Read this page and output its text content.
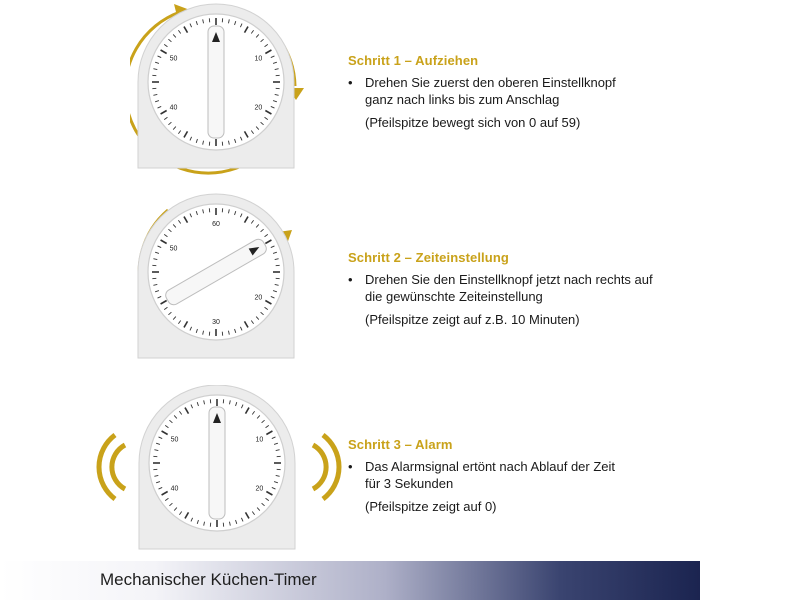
10
20
40
50
60
20
30
50
10
20
40
50
Schritt 1 – Aufziehen
• Drehen Sie zuerst den oberen Einstellknopf
ganz nach links bis zum Anschlag
(Pfeilspitze bewegt sich von 0 auf 59)
Schritt 2 – Zeiteinstellung
• Drehen Sie den Einstellknopf jetzt nach rechts auf
die gewünschte Zeiteinstellung
(Pfeilspitze zeigt auf z.B. 10 Minuten)
Schritt 3 – Alarm
• Das Alarmsignal ertönt nach Ablauf der Zeit
für 3 Sekunden
(Pfeilspitze zeigt auf 0)
Mechanischer Küchen-Timer
